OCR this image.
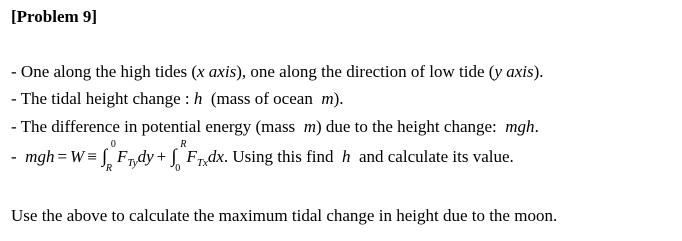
[Problem 9]
- One along the high tides (x axis), one along the direction of low tide (y axis).
- The tidal height change : h  (mass of ocean  m).
- The difference in potential energy (mass  m) due to the height change:  mgh.
-  mgh = W ≡ ∫
0
R
$F_{Ty}dy$ + ∫
R
0
$F_{Tx}dx$. Using this find  h  and calculate its value.
Use the above to calculate the maximum tidal change in height due to the moon.
